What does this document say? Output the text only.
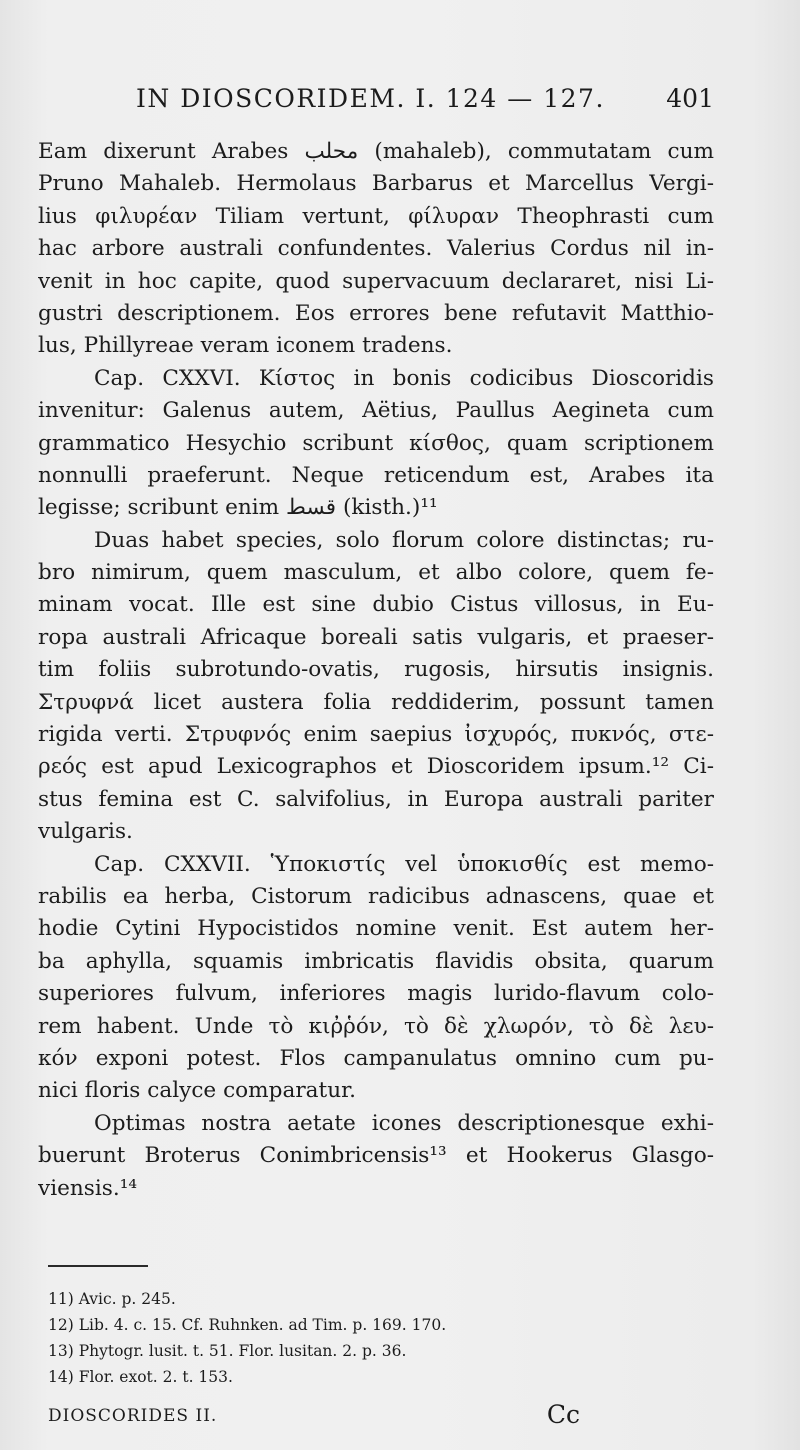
IN DIOSCORIDEM. I. 124 — 127. 401
Eam dixerunt Arabes محلب (mahaleb), commutatam cum
Pruno Mahaleb. Hermolaus Barbarus et Marcellus Vergi-
lius φιλυρέαν Tiliam vertunt, φίλυραν Theophrasti cum
hac arbore australi confundentes. Valerius Cordus nil in-
venit in hoc capite, quod supervacuum declararet, nisi Li-
gustri descriptionem. Eos errores bene refutavit Matthio-
lus, Phillyreae veram iconem tradens.
Cap. CXXVI. Κίστος in bonis codicibus Dioscoridis
invenitur: Galenus autem, Aëtius, Paullus Aegineta cum
grammatico Hesychio scribunt κίσθος, quam scriptionem
nonnulli praeferunt. Neque reticendum est, Arabes ita
legisse; scribunt enim قسط (kisth.)¹¹
Duas habet species, solo florum colore distinctas; ru-
bro nimirum, quem masculum, et albo colore, quem fe-
minam vocat. Ille est sine dubio Cistus villosus, in Eu-
ropa australi Africaque boreali satis vulgaris, et praeser-
tim foliis subrotundo-ovatis, rugosis, hirsutis insignis.
Στρυφνά licet austera folia reddiderim, possunt tamen
rigida verti. Στρυφνός enim saepius ἰσχυρός, πυκνός, στε-
ρεός est apud Lexicographos et Dioscoridem ipsum.¹² Ci-
stus femina est C. salvifolius, in Europa australi pariter
vulgaris.
Cap. CXXVII. Ὑποκιστίς vel ὑποκισθίς est memo-
rabilis ea herba, Cistorum radicibus adnascens, quae et
hodie Cytini Hypocistidos nomine venit. Est autem her-
ba aphylla, squamis imbricatis flavidis obsita, quarum
superiores fulvum, inferiores magis lurido-flavum colo-
rem habent. Unde τὸ κιῤῥόν, τὸ δὲ χλωρόν, τὸ δὲ λευ-
κόν exponi potest. Flos campanulatus omnino cum pu-
nici floris calyce comparatur.
Optimas nostra aetate icones descriptionesque exhi-
buerunt Broterus Conimbricensis¹³ et Hookerus Glasgo-
viensis.¹⁴
11) Avic. p. 245.
12) Lib. 4. c. 15. Cf. Ruhnken. ad Tim. p. 169. 170.
13) Phytogr. lusit. t. 51. Flor. lusitan. 2. p. 36.
14) Flor. exot. 2. t. 153.
DIOSCORIDES II.	Cc
